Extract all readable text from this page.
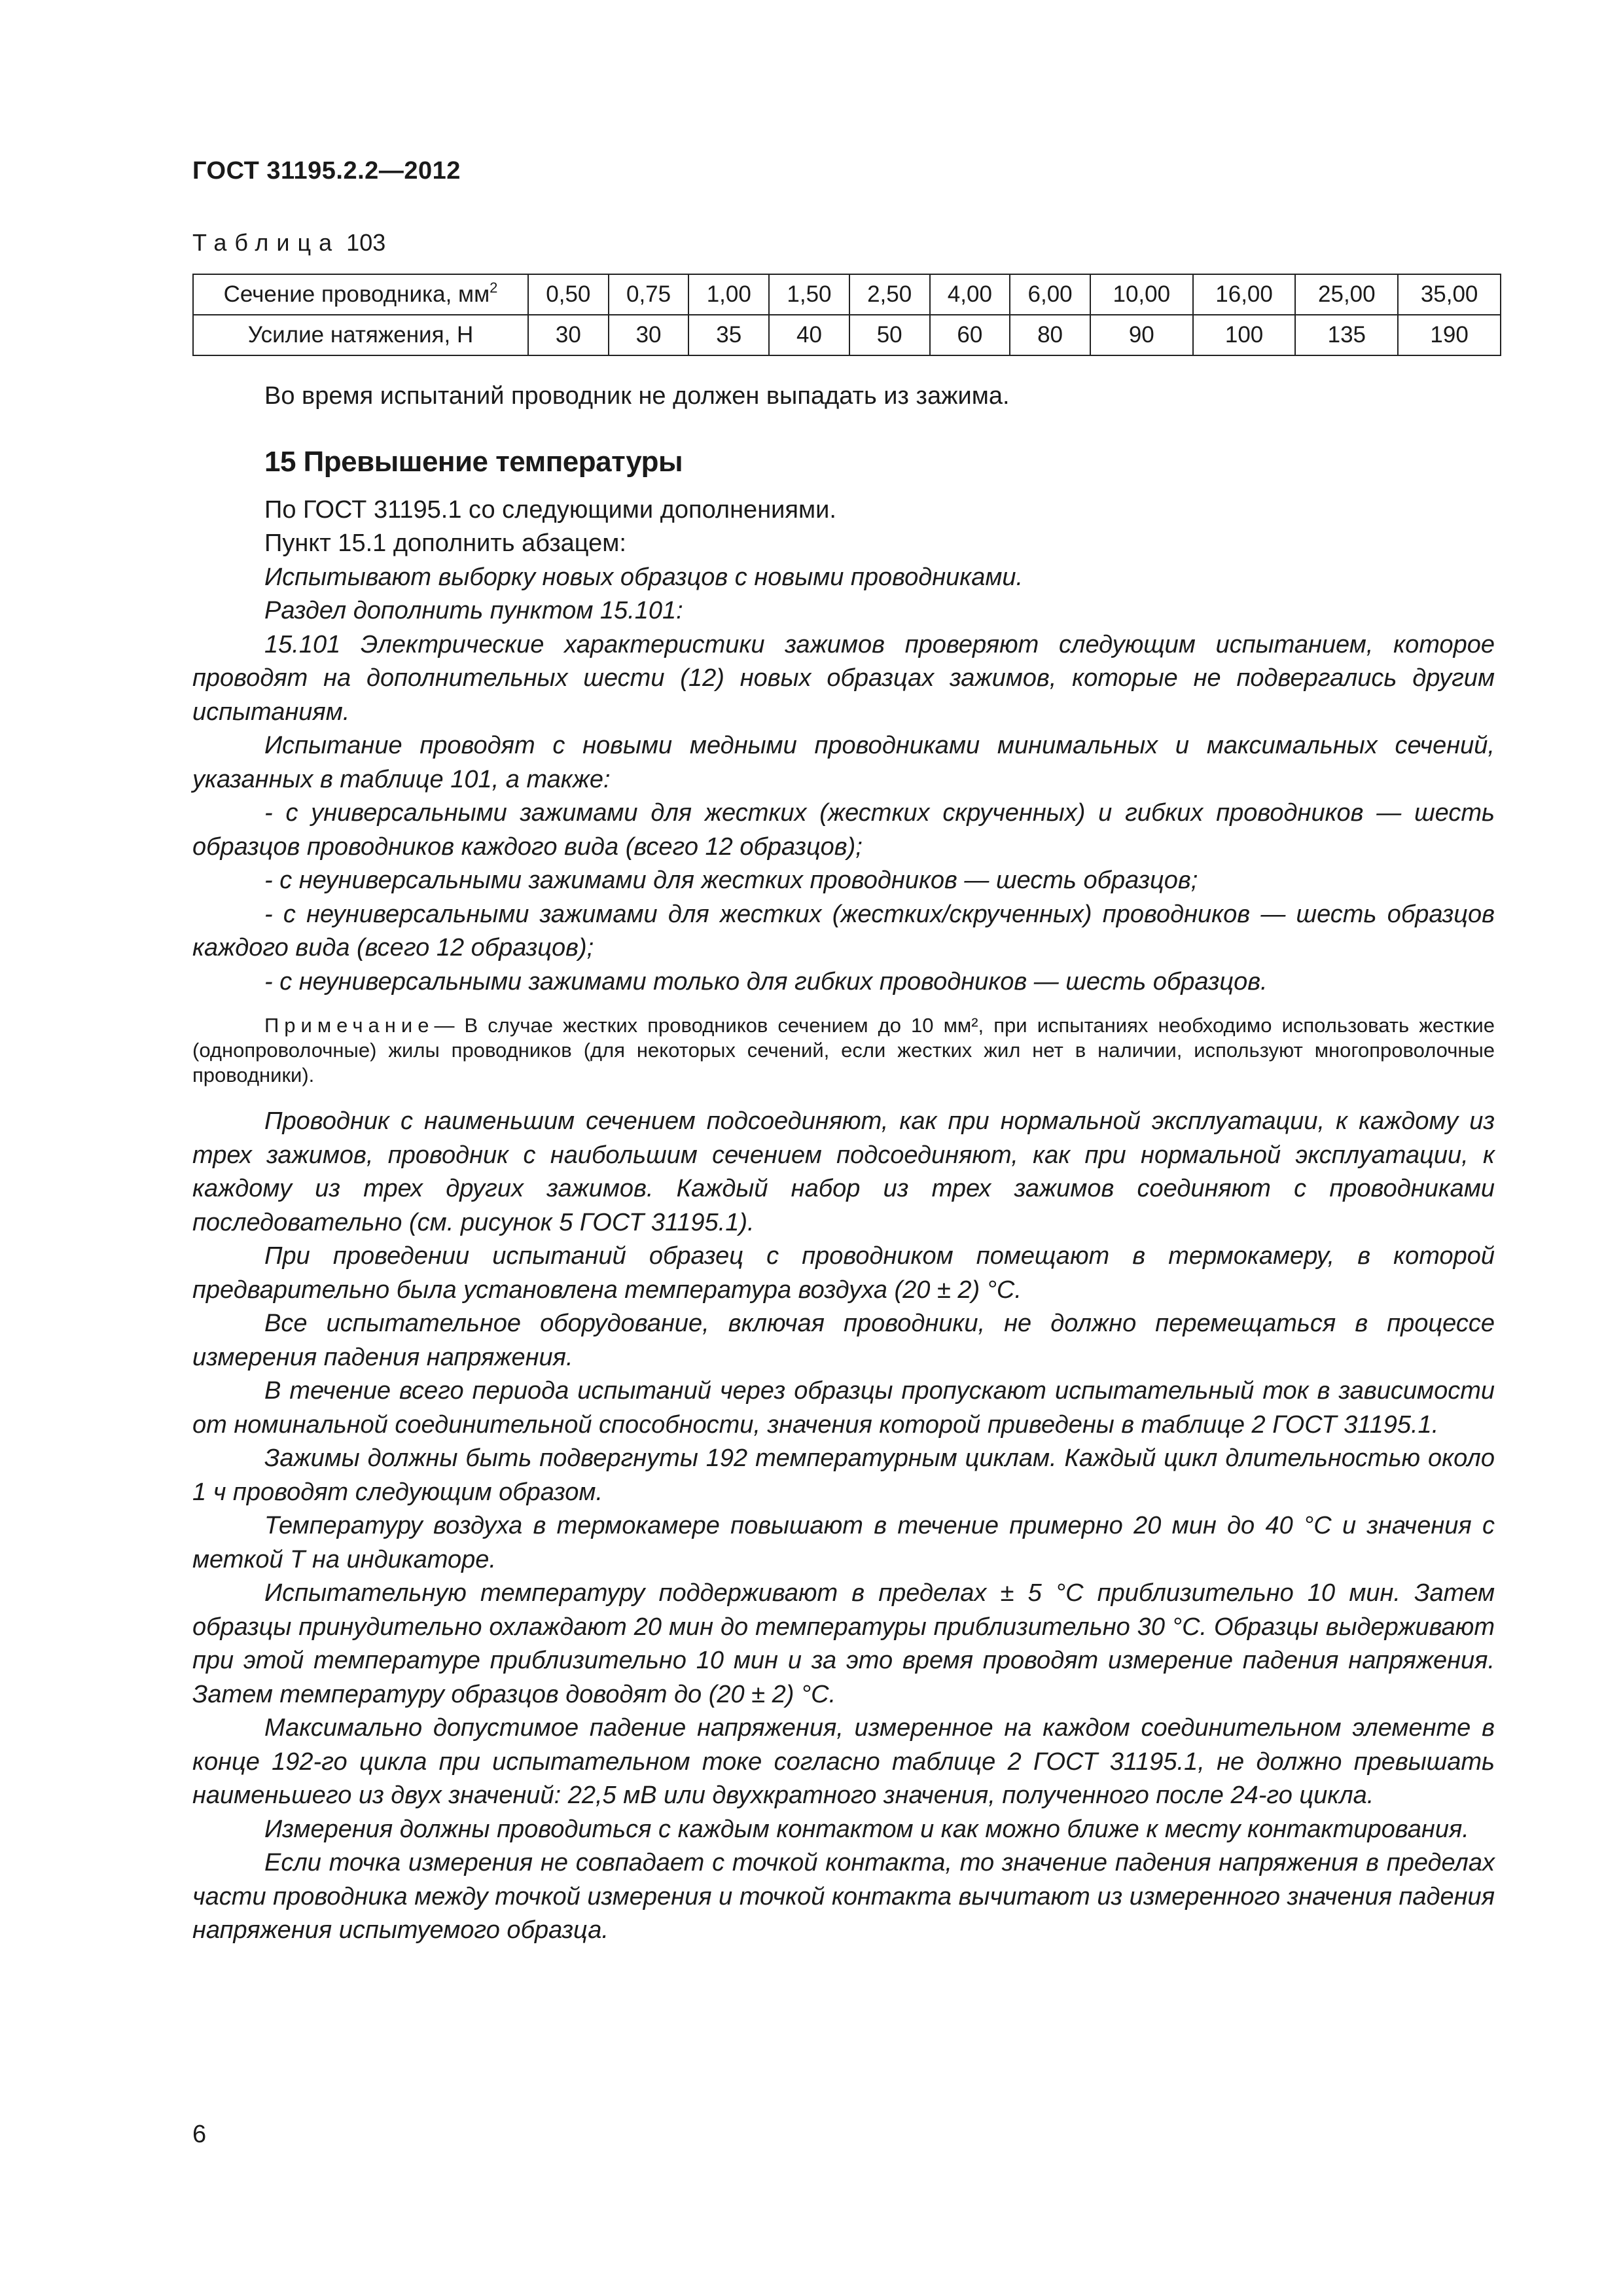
ГОСТ 31195.2.2—2012
Таблица 103
Сечение проводника, $мм^2$	0,50	0,75	1,00	1,50	2,50	4,00	6,00	10,00	16,00	25,00	35,00
Усилие натяжения, Н	30	30	35	40	50	60	80	90	100	135	190

Во время испытаний проводник не должен выпадать из зажима.

15 Превышение температуры

По ГОСТ 31195.1 со следующими дополнениями.

Пункт 15.1 дополнить абзацем:

Испытывают выборку новых образцов с новыми проводниками.

Раздел дополнить пунктом 15.101:

15.101 Электрические характеристики зажимов проверяют следующим испытанием, которое проводят на дополнительных шести (12) новых образцах зажимов, которые не подвергались другим испытаниям.

Испытание проводят с новыми медными проводниками минимальных и максимальных сечений, указанных в таблице 101, а также:

- с универсальными зажимами для жестких (жестких скрученных) и гибких проводников — шесть образцов проводников каждого вида (всего 12 образцов);

- с неуниверсальными зажимами для жестких проводников — шесть образцов;

- с неуниверсальными зажимами для жестких (жестких/скрученных) проводников — шесть образцов каждого вида (всего 12 образцов);

- с неуниверсальными зажимами только для гибких проводников — шесть образцов.

Примечание— В случае жестких проводников сечением до 10 мм², при испытаниях необходимо использовать жесткие (однопроволочные) жилы проводников (для некоторых сечений, если жестких жил нет в наличии, используют многопроволочные проводники).

Проводник с наименьшим сечением подсоединяют, как при нормальной эксплуатации, к каждому из трех зажимов, проводник с наибольшим сечением подсоединяют, как при нормальной эксплуатации, к каждому из трех других зажимов. Каждый набор из трех зажимов соединяют с проводниками последовательно (см. рисунок 5 ГОСТ 31195.1).

При проведении испытаний образец с проводником помещают в термокамеру, в которой предварительно была установлена температура воздуха (20 ± 2) °С.

Все испытательное оборудование, включая проводники, не должно перемещаться в процессе измерения падения напряжения.

В течение всего периода испытаний через образцы пропускают испытательный ток в зависимости от номинальной соединительной способности, значения которой приведены в таблице 2 ГОСТ 31195.1.

Зажимы должны быть подвергнуты 192 температурным циклам. Каждый цикл длительностью около 1 ч проводят следующим образом.

Температуру воздуха в термокамере повышают в течение примерно 20 мин до 40 °С и значения с меткой Т на индикаторе.

Испытательную температуру поддерживают в пределах ± 5 °С приблизительно 10 мин. Затем образцы принудительно охлаждают 20 мин до температуры приблизительно 30 °С. Образцы выдерживают при этой температуре приблизительно 10 мин и за это время проводят измерение падения напряжения. Затем температуру образцов доводят до (20 ± 2) °С.

Максимально допустимое падение напряжения, измеренное на каждом соединительном элементе в конце 192-го цикла при испытательном токе согласно таблице 2 ГОСТ 31195.1, не должно превышать наименьшего из двух значений: 22,5 мВ или двухкратного значения, полученного после 24-го цикла.

Измерения должны проводиться с каждым контактом и как можно ближе к месту контактирования.

Если точка измерения не совпадает с точкой контакта, то значение падения напряжения в пределах части проводника между точкой измерения и точкой контакта вычитают из измеренного значения падения напряжения испытуемого образца.

6
